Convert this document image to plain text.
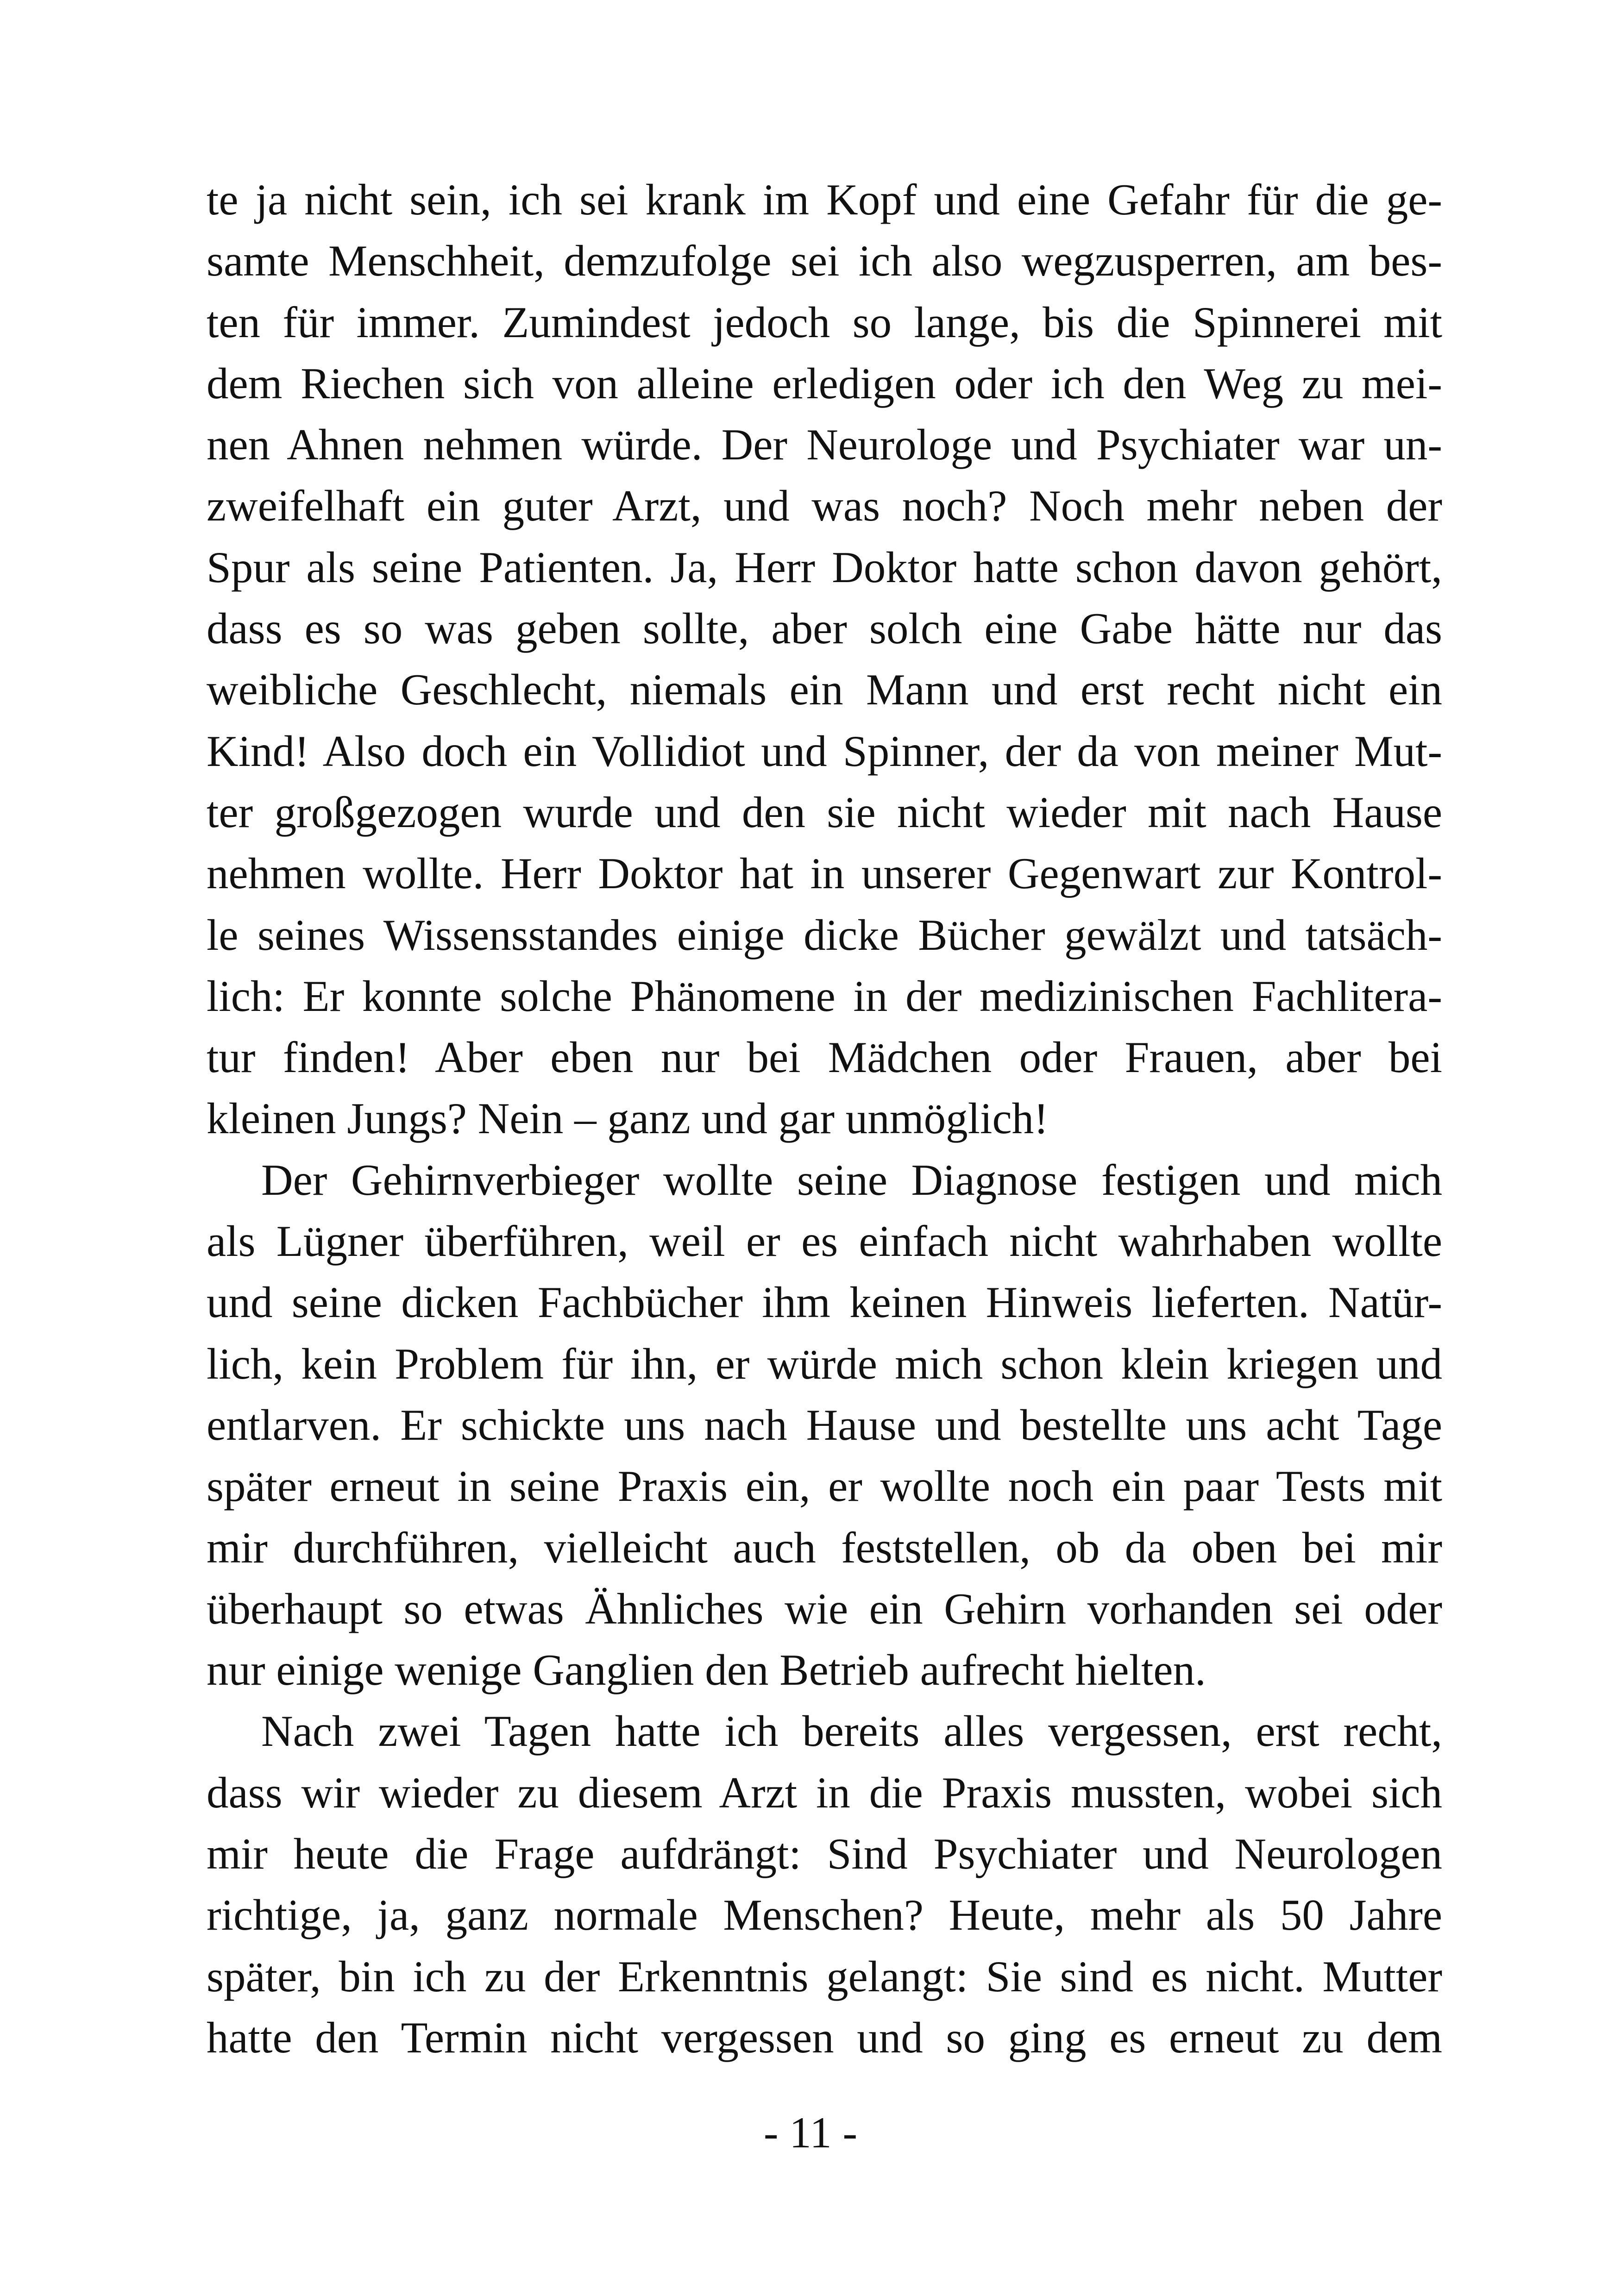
te ja nicht sein, ich sei krank im Kopf und eine Gefahr für die ge-
samte Menschheit, demzufolge sei ich also wegzusperren, am bes-
ten für immer. Zumindest jedoch so lange, bis die Spinnerei mit
dem Riechen sich von alleine erledigen oder ich den Weg zu mei-
nen Ahnen nehmen würde. Der Neurologe und Psychiater war un-
zweifelhaft ein guter Arzt, und was noch? Noch mehr neben der
Spur als seine Patienten. Ja, Herr Doktor hatte schon davon gehört,
dass es so was geben sollte, aber solch eine Gabe hätte nur das
weibliche Geschlecht, niemals ein Mann und erst recht nicht ein
Kind! Also doch ein Vollidiot und Spinner, der da von meiner Mut-
ter großgezogen wurde und den sie nicht wieder mit nach Hause
nehmen wollte. Herr Doktor hat in unserer Gegenwart zur Kontrol-
le seines Wissensstandes einige dicke Bücher gewälzt und tatsäch-
lich: Er konnte solche Phänomene in der medizinischen Fachlitera-
tur finden! Aber eben nur bei Mädchen oder Frauen, aber bei
kleinen Jungs? Nein – ganz und gar unmöglich!
Der Gehirnverbieger wollte seine Diagnose festigen und mich
als Lügner überführen, weil er es einfach nicht wahrhaben wollte
und seine dicken Fachbücher ihm keinen Hinweis lieferten. Natür-
lich, kein Problem für ihn, er würde mich schon klein kriegen und
entlarven. Er schickte uns nach Hause und bestellte uns acht Tage
später erneut in seine Praxis ein, er wollte noch ein paar Tests mit
mir durchführen, vielleicht auch feststellen, ob da oben bei mir
überhaupt so etwas Ähnliches wie ein Gehirn vorhanden sei oder
nur einige wenige Ganglien den Betrieb aufrecht hielten.
Nach zwei Tagen hatte ich bereits alles vergessen, erst recht,
dass wir wieder zu diesem Arzt in die Praxis mussten, wobei sich
mir heute die Frage aufdrängt: Sind Psychiater und Neurologen
richtige, ja, ganz normale Menschen? Heute, mehr als 50 Jahre
später, bin ich zu der Erkenntnis gelangt: Sie sind es nicht. Mutter
hatte den Termin nicht vergessen und so ging es erneut zu dem
- 11 -
